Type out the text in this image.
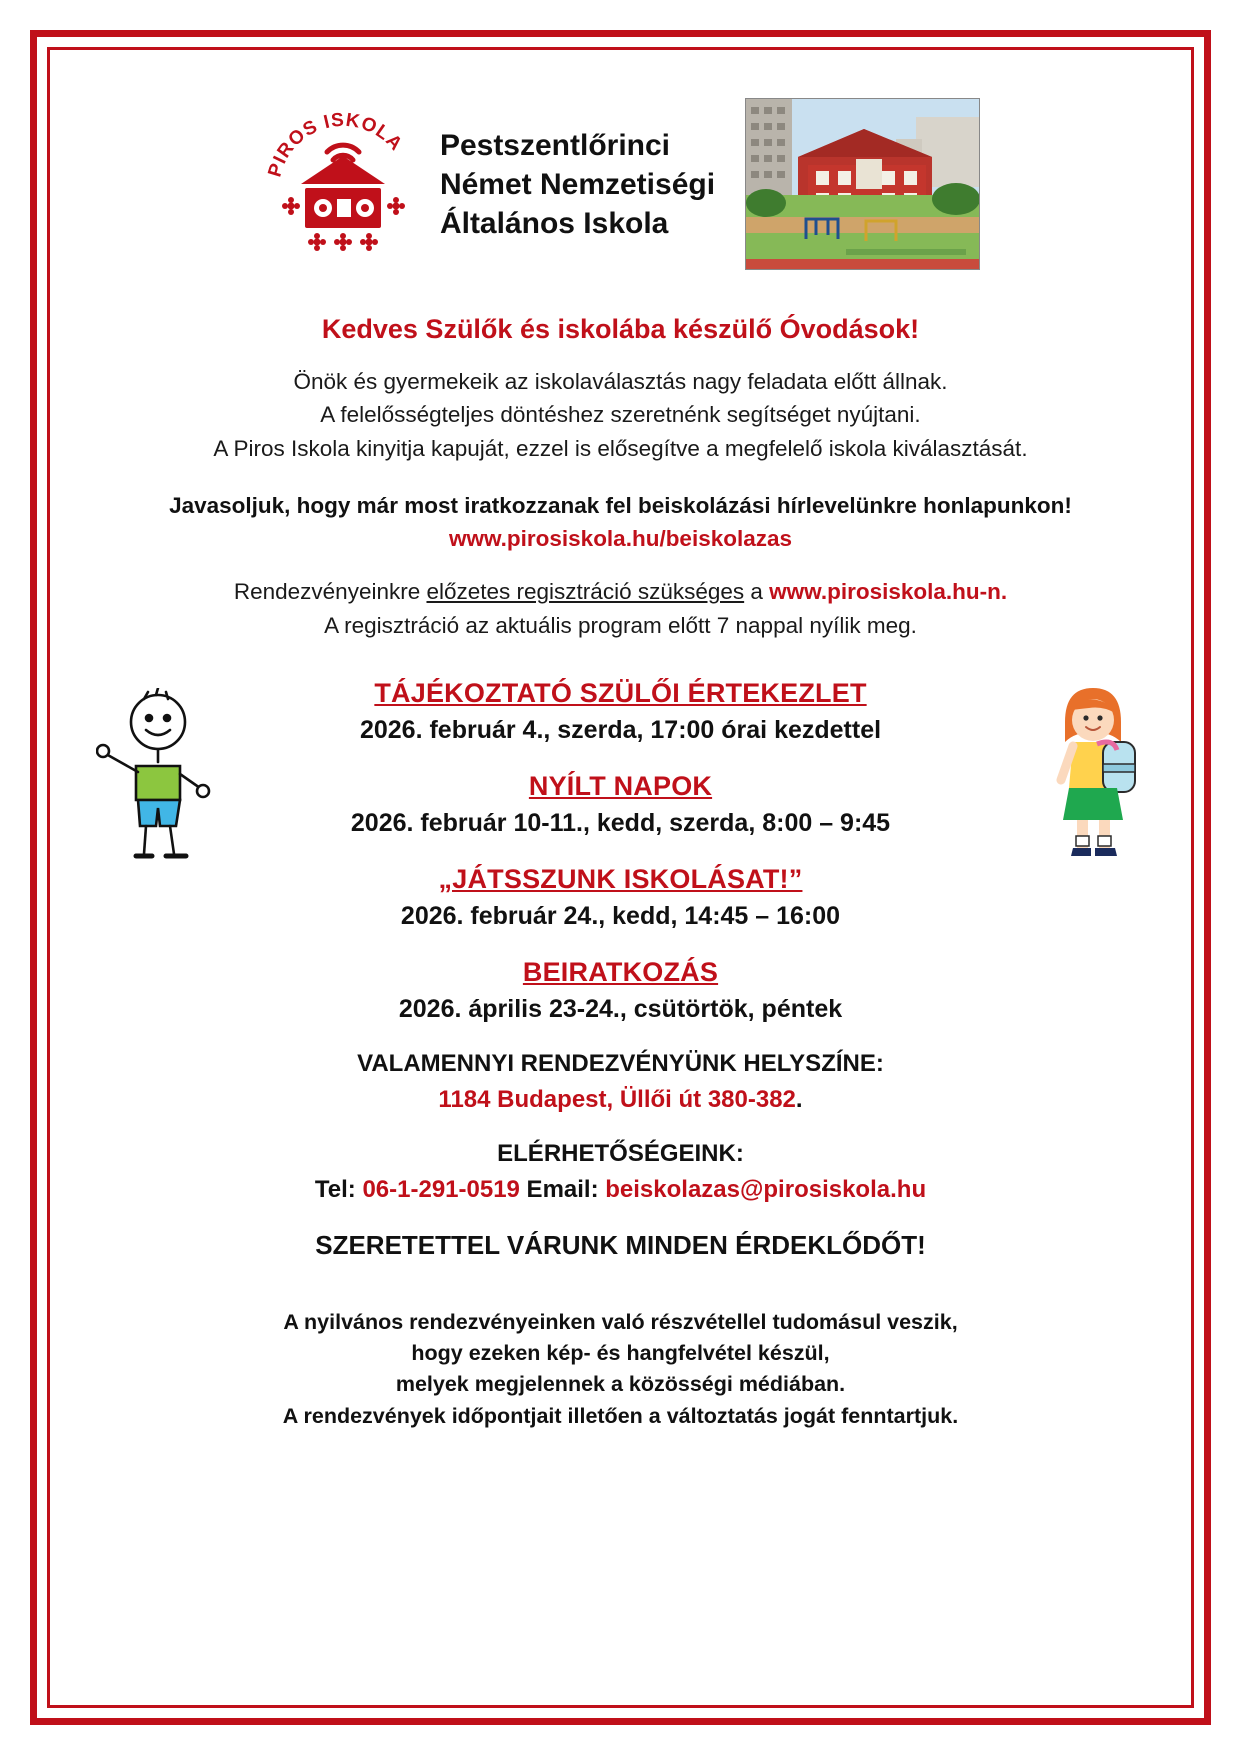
PIROS ISKOLA Pestszentlőrinci
Német Nemzetiségi
Általános Iskola
Kedves Szülők és iskolába készülő Óvodások!
Önök és gyermekeik az iskolaválasztás nagy feladata előtt állnak.
A felelősségteljes döntéshez szeretnénk segítséget nyújtani.
A Piros Iskola kinyitja kapuját, ezzel is elősegítve a megfelelő iskola kiválasztását.
Javasoljuk, hogy már most iratkozzanak fel beiskolázási hírlevelünkre honlapunkon!
www.pirosiskola.hu/beiskolazas
Rendezvényeinkre előzetes regisztráció szükséges a www.pirosiskola.hu-n.
A regisztráció az aktuális program előtt 7 nappal nyílik meg.
TÁJÉKOZTATÓ SZÜLŐI ÉRTEKEZLET
2026. február 4., szerda, 17:00 órai kezdettel
NYÍLT NAPOK
2026. február 10-11., kedd, szerda, 8:00 – 9:45
„JÁTSSZUNK ISKOLÁSAT!”
2026. február 24., kedd, 14:45 – 16:00
BEIRATKOZÁS
2026. április 23-24., csütörtök, péntek
VALAMENNYI RENDEZVÉNYÜNK HELYSZÍNE:
1184 Budapest, Üllői út 380-382.
ELÉRHETŐSÉGEINK:
Tel: 06-1-291-0519 Email: beiskolazas@pirosiskola.hu
SZERETETTEL VÁRUNK MINDEN ÉRDEKLŐDŐT!
A nyilvános rendezvényeinken való részvétellel tudomásul veszik,
hogy ezeken kép- és hangfelvétel készül,
melyek megjelennek a közösségi médiában.
A rendezvények időpontjait illetően a változtatás jogát fenntartjuk.
